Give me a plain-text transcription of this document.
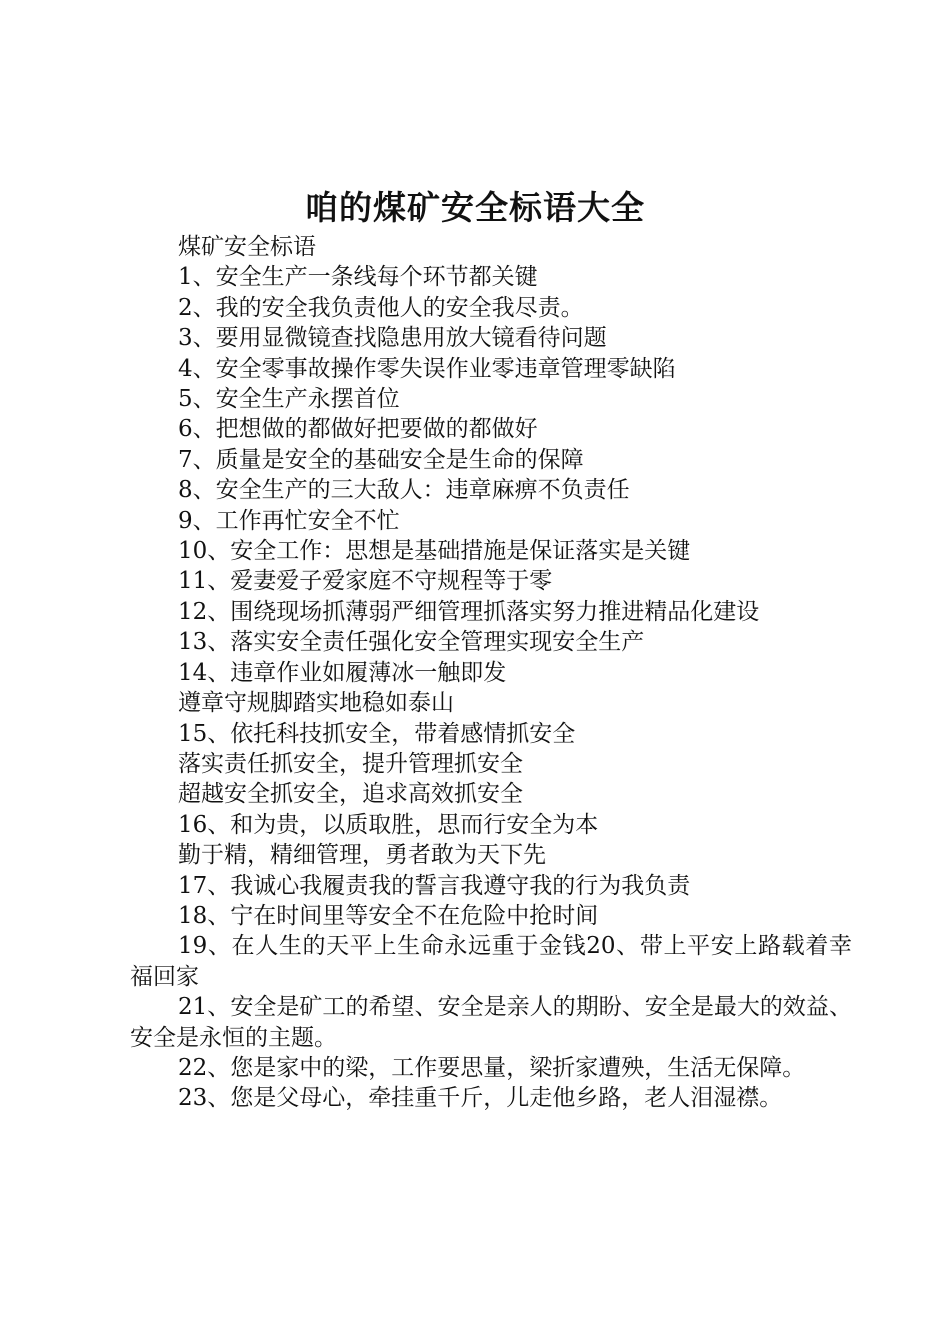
咱的煤矿安全标语大全
煤矿安全标语
1、安全生产一条线每个环节都关键
2、我的安全我负责他人的安全我尽责。
3、要用显微镜查找隐患用放大镜看待问题
4、安全零事故操作零失误作业零违章管理零缺陷
5、安全生产永摆首位
6、把想做的都做好把要做的都做好
7、质量是安全的基础安全是生命的保障
8、安全生产的三大敌人：违章麻痹不负责任
9、工作再忙安全不忙
10、安全工作：思想是基础措施是保证落实是关键
11、爱妻爱子爱家庭不守规程等于零
12、围绕现场抓薄弱严细管理抓落实努力推进精品化建设
13、落实安全责任强化安全管理实现安全生产
14、违章作业如履薄冰一触即发
遵章守规脚踏实地稳如泰山
15、依托科技抓安全，带着感情抓安全
落实责任抓安全，提升管理抓安全
超越安全抓安全，追求高效抓安全
16、和为贵，以质取胜，思而行安全为本
勤于精，精细管理，勇者敢为天下先
17、我诚心我履责我的誓言我遵守我的行为我负责
18、宁在时间里等安全不在危险中抢时间
19、在人生的天平上生命永远重于金钱20、带上平安上路载着幸福回家
21、安全是矿工的希望、安全是亲人的期盼、安全是最大的效益、安全是永恒的主题。
22、您是家中的梁，工作要思量，梁折家遭殃，生活无保障。
23、您是父母心，牵挂重千斤，儿走他乡路，老人泪湿襟。
